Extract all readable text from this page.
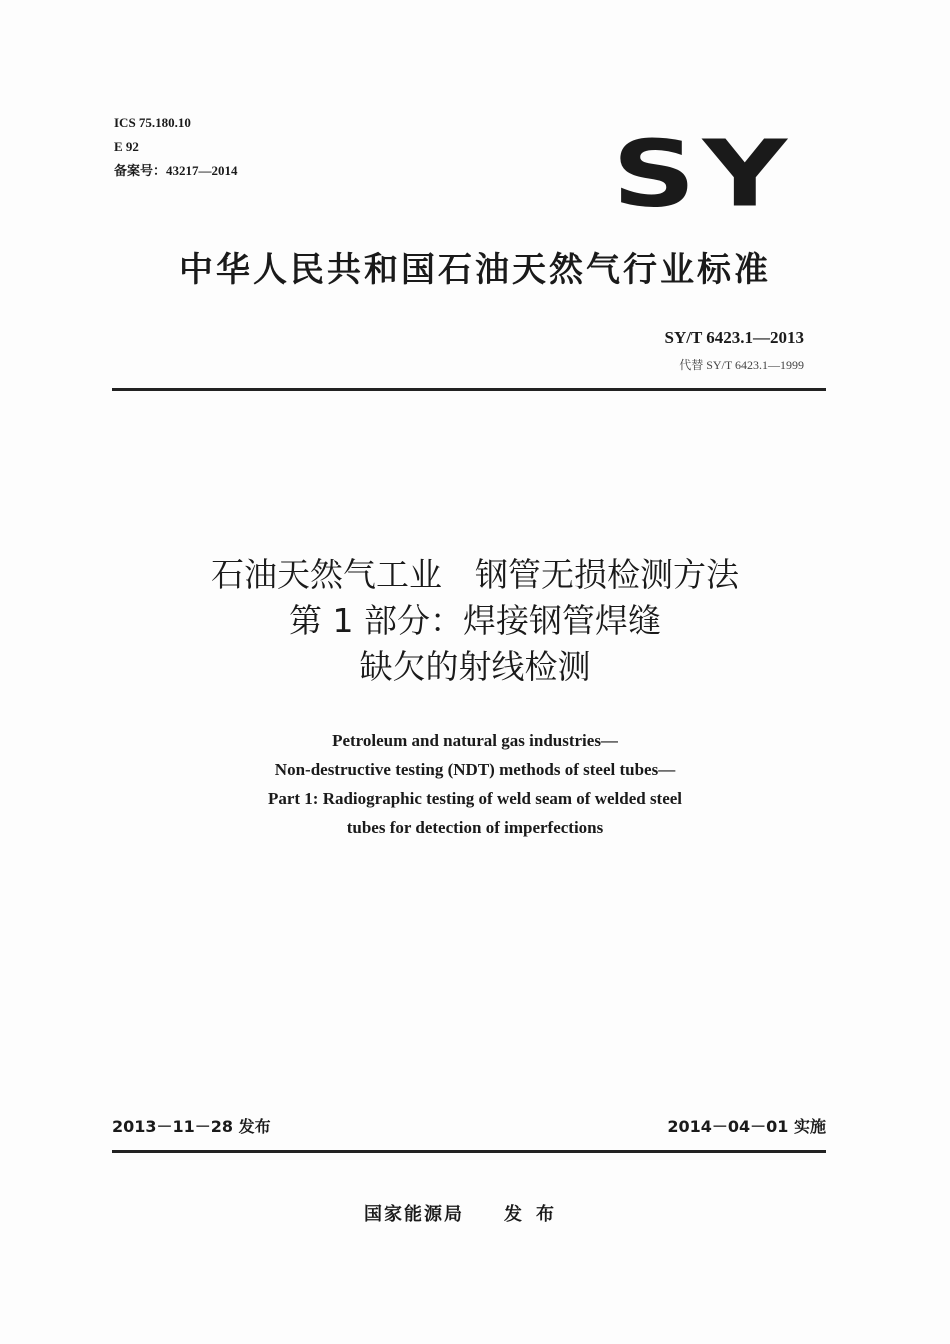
ICS 75.180.10
E 92
备案号：43217—2014	SY
中华人民共和国石油天然气行业标准
SY/T 6423.1—2013
代替 SY/T 6423.1—1999
石油天然气工业　钢管无损检测方法
第 1 部分：焊接钢管焊缝
缺欠的射线检测
Petroleum and natural gas industries—
Non-destructive testing (NDT) methods of steel tubes—
Part 1: Radiographic testing of weld seam of welded steel
tubes for detection of imperfections
2013－11－28 发布	2014－04－01 实施
国家能源局 发布
